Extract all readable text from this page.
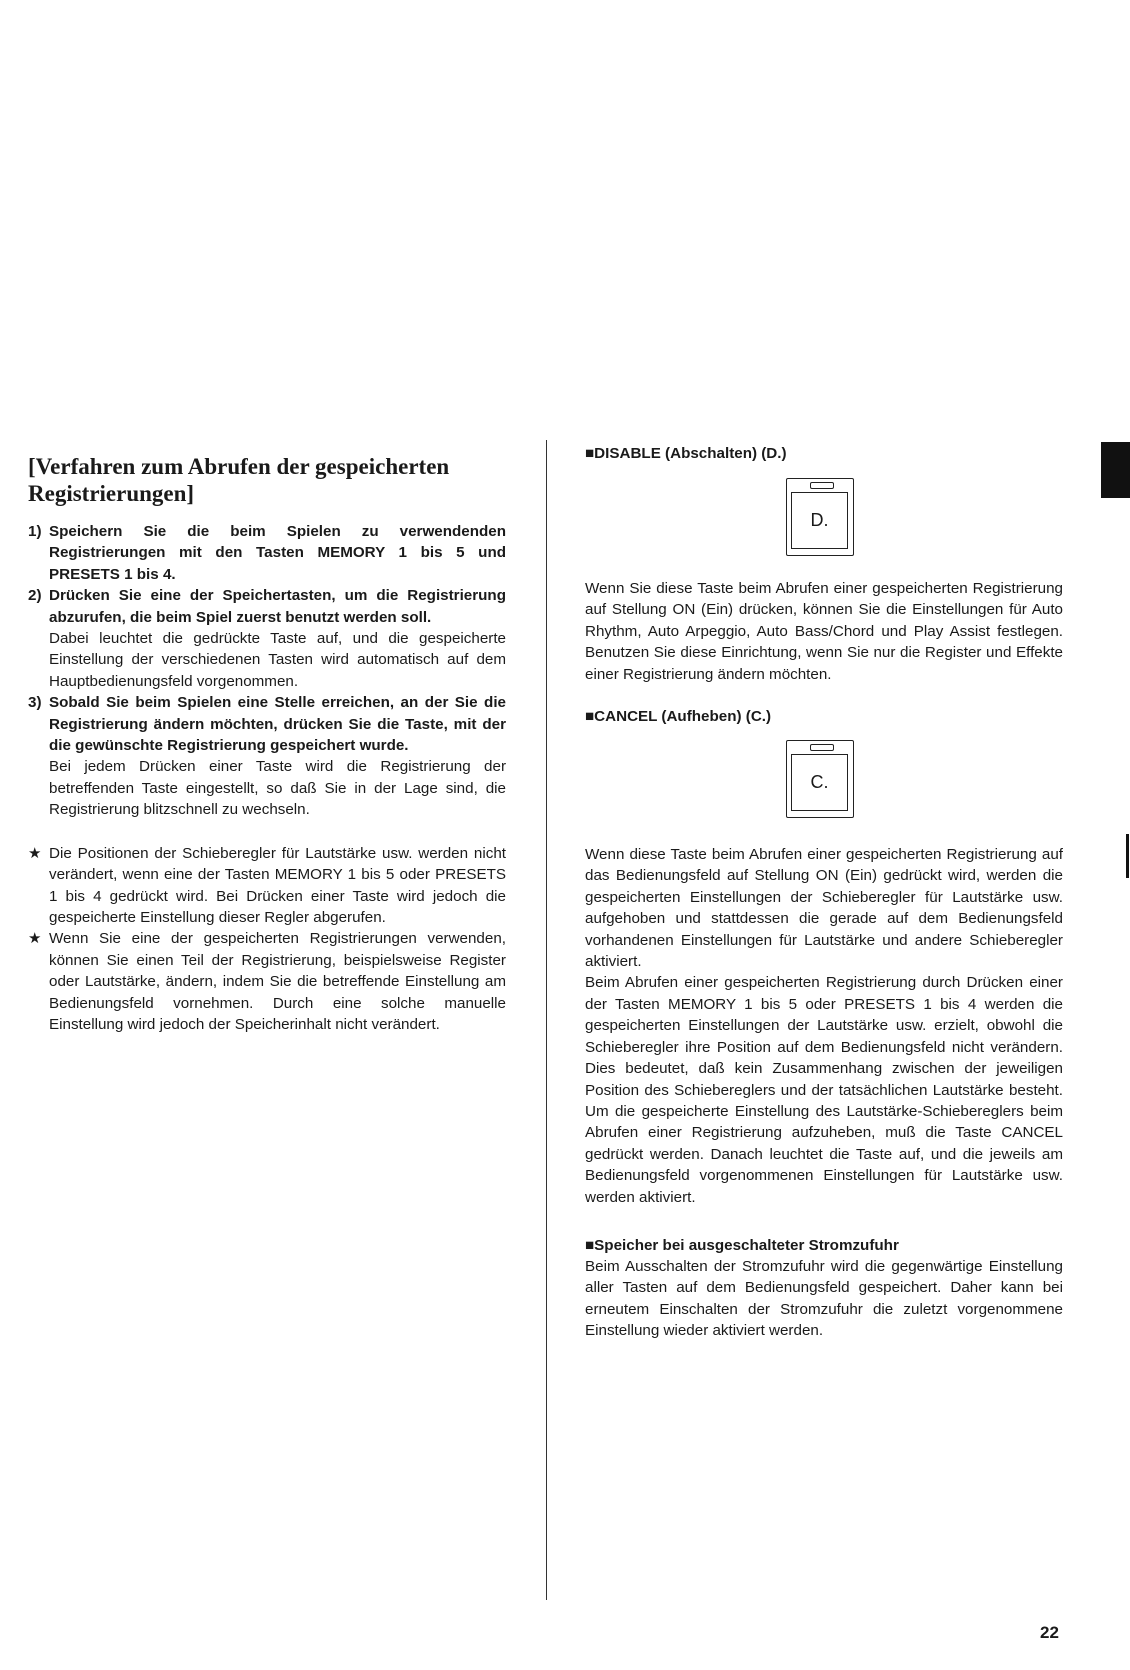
[Verfahren zum Abrufen der gespeicherten
Registrierungen]
1) Speichern Sie die beim Spielen zu verwendenden Registrierungen mit den Tasten MEMORY 1 bis 5 und PRESETS 1 bis 4.
2) Drücken Sie eine der Speichertasten, um die Registrierung abzurufen, die beim Spiel zuerst benutzt werden soll.
Dabei leuchtet die gedrückte Taste auf, und die gespeicherte Einstellung der verschiedenen Tasten wird automatisch auf dem Hauptbedienungsfeld vorgenommen.
3) Sobald Sie beim Spielen eine Stelle erreichen, an der Sie die Registrierung ändern möchten, drücken Sie die Taste, mit der die gewünschte Registrierung gespeichert wurde.
Bei jedem Drücken einer Taste wird die Registrierung der betreffenden Taste eingestellt, so daß Sie in der Lage sind, die Registrierung blitzschnell zu wechseln.
★ Die Positionen der Schieberegler für Lautstärke usw. werden nicht verändert, wenn eine der Tasten MEMORY 1 bis 5 oder PRESETS 1 bis 4 gedrückt wird. Bei Drücken einer Taste wird jedoch die gespeicherte Einstellung dieser Regler abgerufen.
★ Wenn Sie eine der gespeicherten Registrierungen verwenden, können Sie einen Teil der Registrierung, beispielsweise Register oder Lautstärke, ändern, indem Sie die betreffende Einstellung am Bedienungsfeld vornehmen. Durch eine solche manuelle Einstellung wird jedoch der Speicherinhalt nicht verändert.
■DISABLE (Abschalten) (D.)
D.

Wenn Sie diese Taste beim Abrufen einer gespeicherten Registrierung auf Stellung ON (Ein) drücken, können Sie die Einstellungen für Auto Rhythm, Auto Arpeggio, Auto Bass/Chord und Play Assist festlegen. Benutzen Sie diese Einrichtung, wenn Sie nur die Register und Effekte einer Registrierung ändern möchten.

■CANCEL (Aufheben) (C.)
C.

Wenn diese Taste beim Abrufen einer gespeicherten Registrierung auf das Bedienungsfeld auf Stellung ON (Ein) gedrückt wird, werden die gespeicherten Einstellungen der Schieberegler für Lautstärke usw. aufgehoben und stattdessen die gerade auf dem Bedienungsfeld vorhandenen Einstellungen für Lautstärke und andere Schieberegler aktiviert.

Beim Abrufen einer gespeicherten Registrierung durch Drücken einer der Tasten MEMORY 1 bis 5 oder PRESETS 1 bis 4 werden die gespeicherten Einstellungen der Lautstärke usw. erzielt, obwohl die Schieberegler ihre Position auf dem Bedienungsfeld nicht verändern. Dies bedeutet, daß kein Zusammenhang zwischen der jeweiligen Position des Schiebereglers und der tatsächlichen Lautstärke besteht. Um die gespeicherte Einstellung des Lautstärke-Schiebereglers beim Abrufen einer Registrierung aufzuheben, muß die Taste CANCEL gedrückt werden. Danach leuchtet die Taste auf, und die jeweils am Bedienungsfeld vorgenommenen Einstellungen für Lautstärke usw. werden aktiviert.

■Speicher bei ausgeschalteter Stromzufuhr

Beim Ausschalten der Stromzufuhr wird die gegenwärtige Einstellung aller Tasten auf dem Bedienungsfeld gespeichert. Daher kann bei erneutem Einschalten der Stromzufuhr die zuletzt vorgenommene Einstellung wieder aktiviert werden.

22
